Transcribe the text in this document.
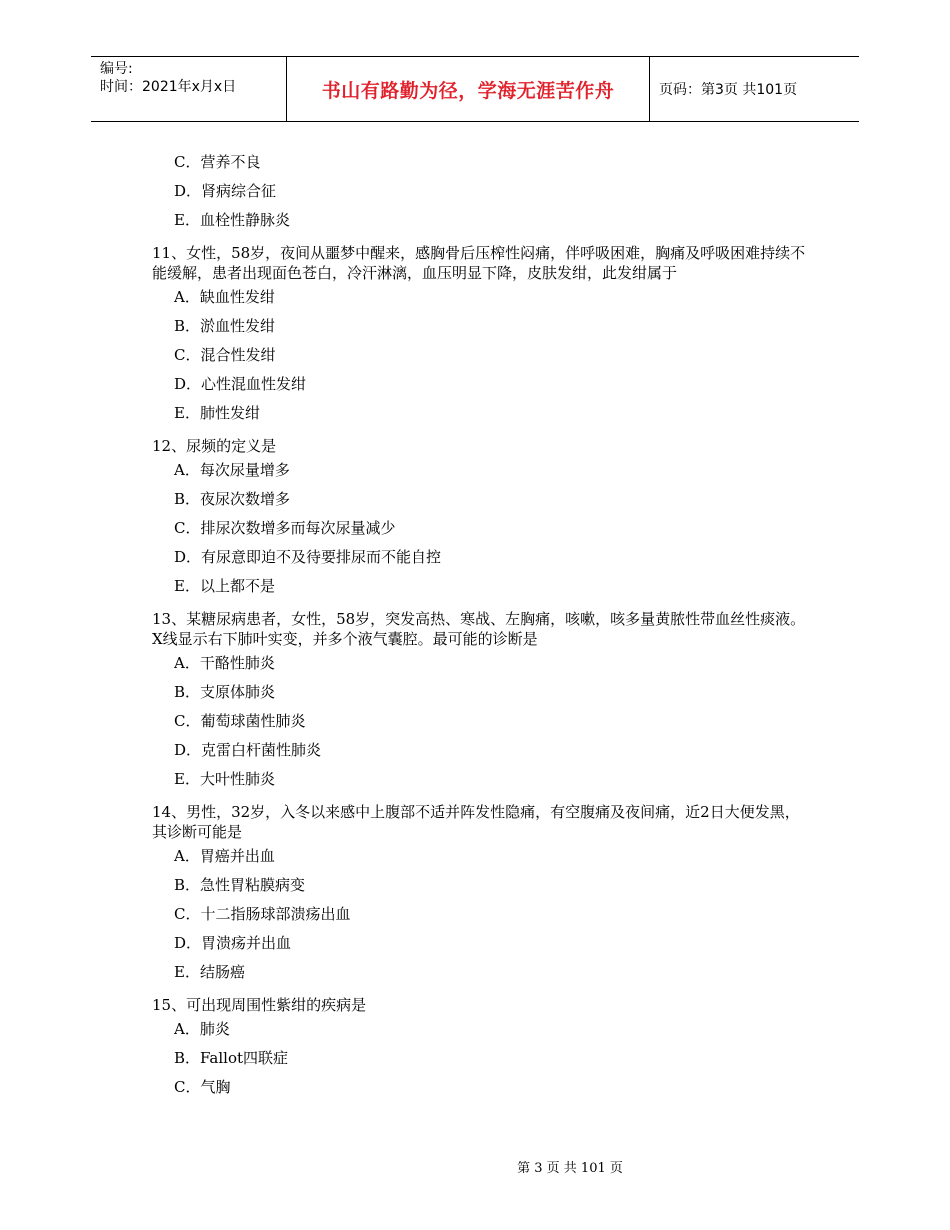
编号:
时间：2021年x月x日	书山有路勤为径，学海无涯苦作舟	页码：第3页 共101页
C．营养不良
D．肾病综合征
E．血栓性静脉炎
11、女性，58岁，夜间从噩梦中醒来，感胸骨后压榨性闷痛，伴呼吸困难，胸痛及呼吸困难持续不能缓解，患者出现面色苍白，冷汗淋漓，血压明显下降，皮肤发绀，此发绀属于
A．缺血性发绀
B．淤血性发绀
C．混合性发绀
D．心性混血性发绀
E．肺性发绀
12、尿频的定义是
A．每次尿量增多
B．夜尿次数增多
C．排尿次数增多而每次尿量减少
D．有尿意即迫不及待要排尿而不能自控
E．以上都不是
13、某糖尿病患者，女性，58岁，突发高热、寒战、左胸痛，咳嗽，咳多量黄脓性带血丝性痰液。X线显示右下肺叶实变，并多个液气囊腔。最可能的诊断是
A．干酪性肺炎
B．支原体肺炎
C．葡萄球菌性肺炎
D．克雷白杆菌性肺炎
E．大叶性肺炎
14、男性，32岁，入冬以来感中上腹部不适并阵发性隐痛，有空腹痛及夜间痛，近2日大便发黑，其诊断可能是
A．胃癌并出血
B．急性胃粘膜病变
C．十二指肠球部溃疡出血
D．胃溃疡并出血
E．结肠癌
15、可出现周围性紫绀的疾病是
A．肺炎
B．Fallot四联症
C．气胸
第 3 页 共 101 页
